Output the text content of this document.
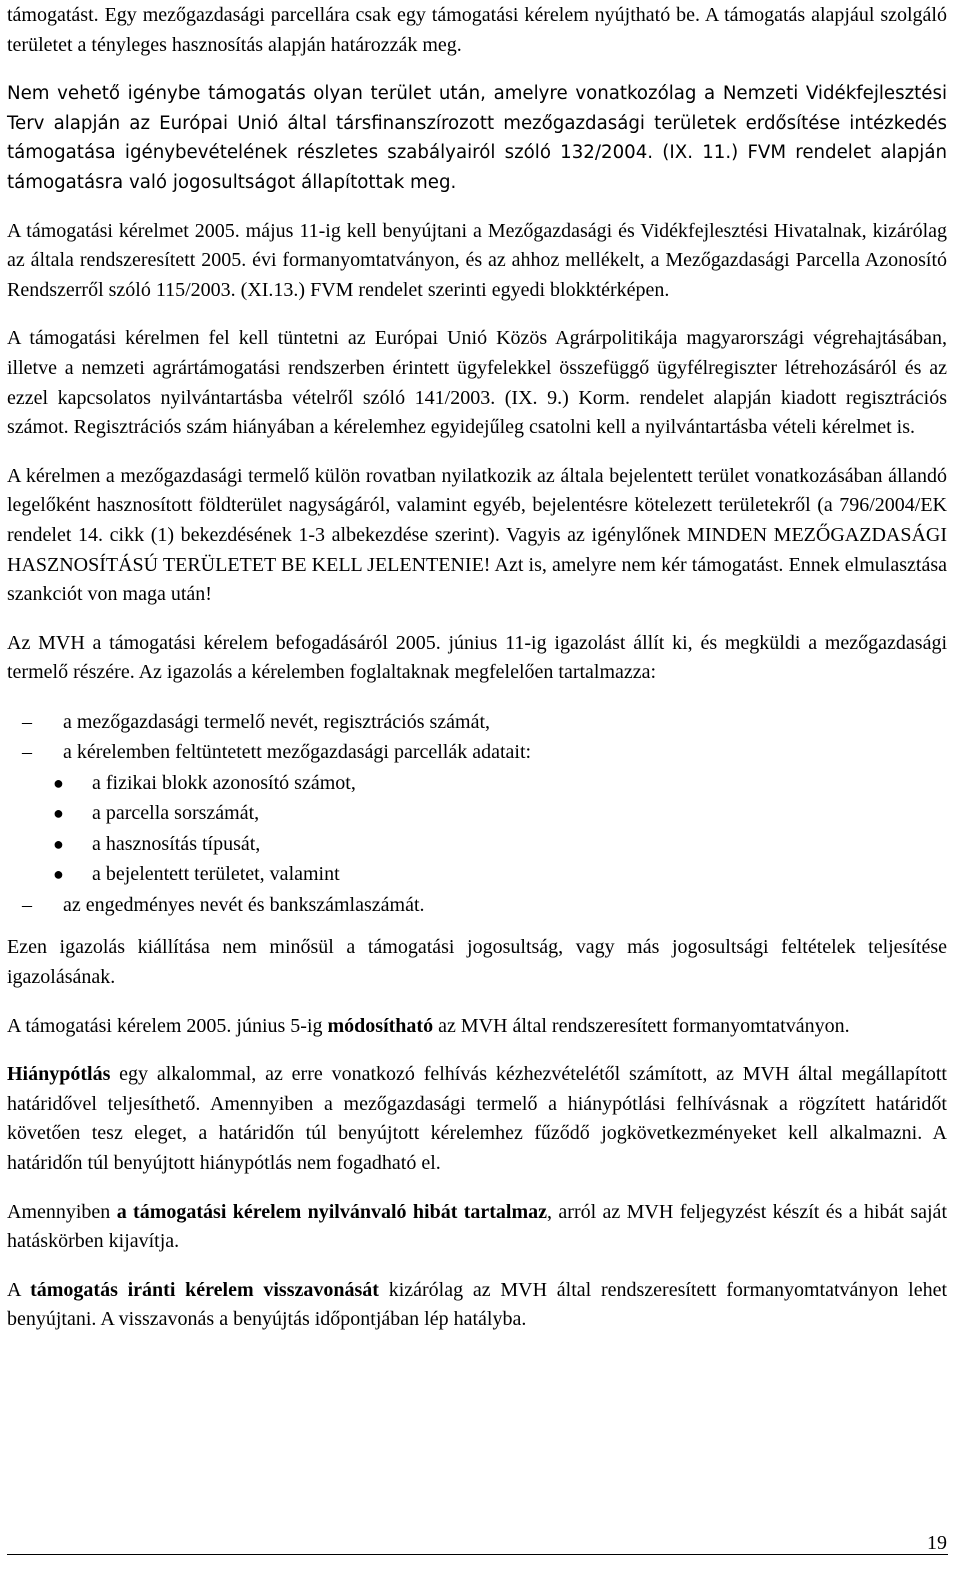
támogatást. Egy mezőgazdasági parcellára csak egy támogatási kérelem nyújtható be. A támogatás alapjául szolgáló területet a tényleges hasznosítás alapján határozzák meg.

Nem vehető igénybe támogatás olyan terület után, amelyre vonatkozólag a Nemzeti Vidékfejlesztési Terv alapján az Európai Unió által társfinanszírozott mezőgazdasági területek erdősítése intézkedés támogatása igénybevételének részletes szabályairól szóló 132/2004. (IX. 11.) FVM rendelet alapján támogatásra való jogosultságot állapítottak meg.

A támogatási kérelmet 2005. május 11-ig kell benyújtani a Mezőgazdasági és Vidékfejlesztési Hivatalnak, kizárólag az általa rendszeresített 2005. évi formanyomtatványon, és az ahhoz mellékelt, a Mezőgazdasági Parcella Azonosító Rendszerről szóló 115/2003. (XI.13.) FVM rendelet szerinti egyedi blokktérképen.

A támogatási kérelmen fel kell tüntetni az Európai Unió Közös Agrárpolitikája magyarországi végrehajtásában, illetve a nemzeti agrártámogatási rendszerben érintett ügyfelekkel összefüggő ügyfélregiszter létrehozásáról és az ezzel kapcsolatos nyilvántartásba vételről szóló 141/2003. (IX. 9.) Korm. rendelet alapján kiadott regisztrációs számot. Regisztrációs szám hiányában a kérelemhez egyidejűleg csatolni kell a nyilvántartásba vételi kérelmet is.

A kérelmen a mezőgazdasági termelő külön rovatban nyilatkozik az általa bejelentett terület vonatkozásában állandó legelőként hasznosított földterület nagyságáról, valamint egyéb, bejelentésre kötelezett területekről (a 796/2004/EK rendelet 14. cikk (1) bekezdésének 1-3 albekezdése szerint). Vagyis az igénylőnek MINDEN MEZŐGAZDASÁGI HASZNOSÍTÁSÚ TERÜLETET BE KELL JELENTENIE! Azt is, amelyre nem kér támogatást. Ennek elmulasztása szankciót von maga után!

Az MVH a támogatási kérelem befogadásáról 2005. június 11-ig igazolást állít ki, és megküldi a mezőgazdasági termelő részére. Az igazolás a kérelemben foglaltaknak megfelelően tartalmazza:

– a mezőgazdasági termelő nevét, regisztrációs számát,
– a kérelemben feltüntetett mezőgazdasági parcellák adatait:
● a fizikai blokk azonosító számot,
● a parcella sorszámát,
● a hasznosítás típusát,
● a bejelentett területet, valamint
– az engedményes nevét és bankszámlaszámát.

Ezen igazolás kiállítása nem minősül a támogatási jogosultság, vagy más jogosultsági feltételek teljesítése igazolásának.

A támogatási kérelem 2005. június 5-ig módosítható az MVH által rendszeresített formanyomtatványon.

Hiánypótlás egy alkalommal, az erre vonatkozó felhívás kézhezvételétől számított, az MVH által megállapított határidővel teljesíthető. Amennyiben a mezőgazdasági termelő a hiánypótlási felhívásnak a rögzített határidőt követően tesz eleget, a határidőn túl benyújtott kérelemhez fűződő jogkövetkezményeket kell alkalmazni. A határidőn túl benyújtott hiánypótlás nem fogadható el.

Amennyiben a támogatási kérelem nyilvánvaló hibát tartalmaz, arról az MVH feljegyzést készít és a hibát saját hatáskörben kijavítja.

A támogatás iránti kérelem visszavonását kizárólag az MVH által rendszeresített formanyomtatványon lehet benyújtani. A visszavonás a benyújtás időpontjában lép hatályba.

19
